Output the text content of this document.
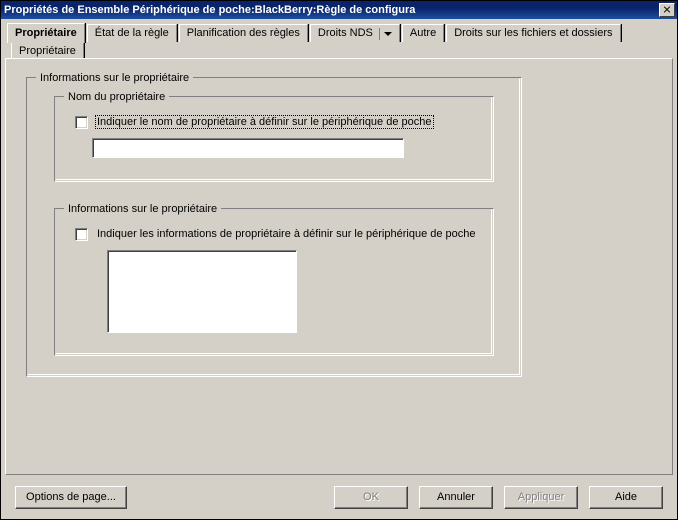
Propriétés de Ensemble Périphérique de poche:BlackBerry:Règle de configura
Propriétaire État de la règle Planification des règles Droits NDS	Autre Droits sur les fichiers et dossiers
Propriétaire
Informations sur le propriétaire
Nom du propriétaire
Indiquer le nom de propriétaire à définir sur le périphérique de poche
Informations sur le propriétaire
Indiquer les informations de propriétaire à définir sur le périphérique de poche
Options de page...	OK	Annuler	Appliquer	Aide
